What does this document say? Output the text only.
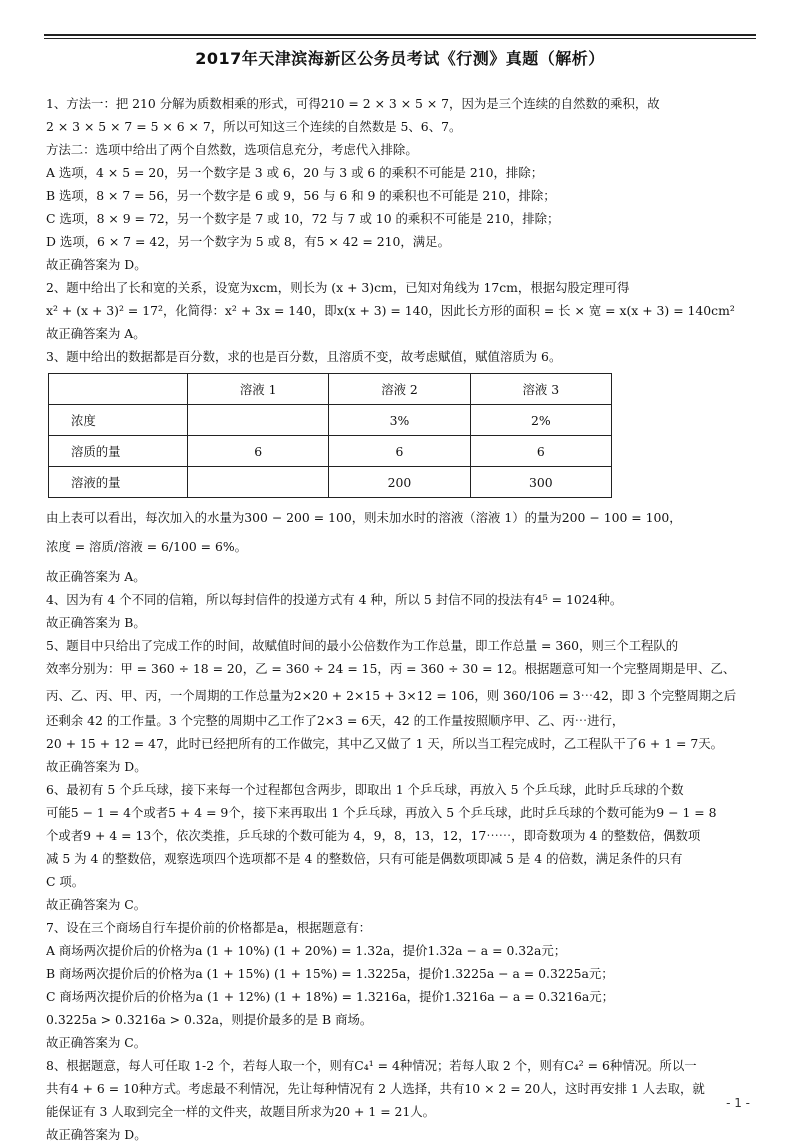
2017年天津滨海新区公务员考试《行测》真题（解析）
1、方法一：把 210 分解为质数相乘的形式，可得210 = 2 × 3 × 5 × 7，因为是三个连续的自然数的乘积，故
2 × 3 × 5 × 7 = 5 × 6 × 7，所以可知这三个连续的自然数是 5、6、7。
方法二：选项中给出了两个自然数，选项信息充分，考虑代入排除。
A 选项，4 × 5 = 20，另一个数字是 3 或 6，20 与 3 或 6 的乘积不可能是 210，排除；
B 选项，8 × 7 = 56，另一个数字是 6 或 9，56 与 6 和 9 的乘积也不可能是 210，排除；
C 选项，8 × 9 = 72，另一个数字是 7 或 10，72 与 7 或 10 的乘积不可能是 210，排除；
D 选项，6 × 7 = 42，另一个数字为 5 或 8，有5 × 42 = 210，满足。
故正确答案为 D。
2、题中给出了长和宽的关系，设宽为xcm，则长为 (x + 3)cm，已知对角线为 17cm，根据勾股定理可得
x² + (x + 3)² = 17²，化简得：x² + 3x = 140，即x(x + 3) = 140，因此长方形的面积 = 长 × 宽 = x(x + 3) = 140cm²
故正确答案为 A。
3、题中给出的数据都是百分数，求的也是百分数，且溶质不变，故考虑赋值，赋值溶质为 6。
	溶液 1	溶液 2	溶液 3
浓度		3%	2%
溶质的量	6	6	6
溶液的量		200	300
由上表可以看出，每次加入的水量为300 − 200 = 100，则未加水时的溶液（溶液 1）的量为200 − 100 = 100，
浓度 = 溶质/溶液 = 6/100 = 6%。
故正确答案为 A。
4、因为有 4 个不同的信箱，所以每封信件的投递方式有 4 种，所以 5 封信不同的投法有4⁵ = 1024种。
故正确答案为 B。
5、题目中只给出了完成工作的时间，故赋值时间的最小公倍数作为工作总量，即工作总量 = 360，则三个工程队的
效率分别为：甲 = 360 ÷ 18 = 20，乙 = 360 ÷ 24 = 15，丙 = 360 ÷ 30 = 12。根据题意可知一个完整周期是甲、乙、
丙、乙、丙、甲、丙，一个周期的工作总量为2×20 + 2×15 + 3×12 = 106，则 360/106 = 3⋯42，即 3 个完整周期之后
还剩余 42 的工作量。3 个完整的周期中乙工作了2×3 = 6天，42 的工作量按照顺序甲、乙、丙⋯进行，
20 + 15 + 12 = 47，此时已经把所有的工作做完，其中乙又做了 1 天，所以当工程完成时，乙工程队干了6 + 1 = 7天。
故正确答案为 D。
6、最初有 5 个乒乓球，接下来每一个过程都包含两步，即取出 1 个乒乓球，再放入 5 个乒乓球，此时乒乓球的个数
可能5 − 1 = 4个或者5 + 4 = 9个，接下来再取出 1 个乒乓球，再放入 5 个乒乓球，此时乒乓球的个数可能为9 − 1 = 8
个或者9 + 4 = 13个，依次类推，乒乓球的个数可能为 4，9，8，13，12，17⋯⋯，即奇数项为 4 的整数倍，偶数项
减 5 为 4 的整数倍，观察选项四个选项都不是 4 的整数倍，只有可能是偶数项即减 5 是 4 的倍数，满足条件的只有
C 项。
故正确答案为 C。
7、设在三个商场自行车提价前的价格都是a，根据题意有：
A 商场两次提价后的价格为a (1 + 10%) (1 + 20%) = 1.32a，提价1.32a − a = 0.32a元；
B 商场两次提价后的价格为a (1 + 15%) (1 + 15%) = 1.3225a，提价1.3225a − a = 0.3225a元；
C 商场两次提价后的价格为a (1 + 12%) (1 + 18%) = 1.3216a，提价1.3216a − a = 0.3216a元；
0.3225a > 0.3216a > 0.32a，则提价最多的是 B 商场。
故正确答案为 C。
8、根据题意，每人可任取 1-2 个，若每人取一个，则有C₄¹ = 4种情况；若每人取 2 个，则有C₄² = 6种情况。所以一
共有4 + 6 = 10种方式。考虑最不利情况，先让每种情况有 2 人选择，共有10 × 2 = 20人，这时再安排 1 人去取，就
能保证有 3 人取到完全一样的文件夹，故题目所求为20 + 1 = 21人。
故正确答案为 D。
- 1 -
